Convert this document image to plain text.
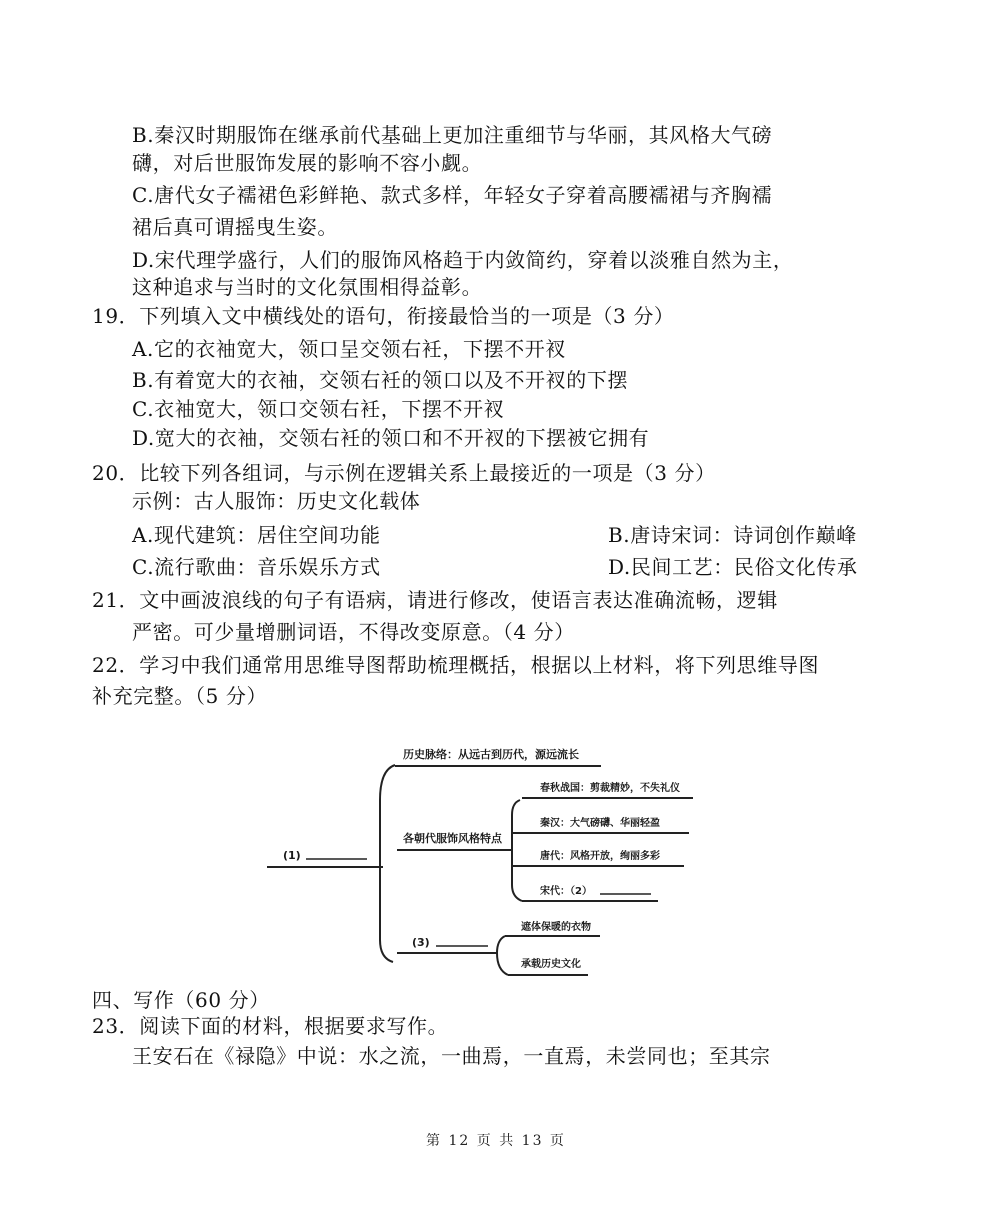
B.秦汉时期服饰在继承前代基础上更加注重细节与华丽，其风格大气磅
礴，对后世服饰发展的影响不容小觑。
C.唐代女子襦裙色彩鲜艳、款式多样，年轻女子穿着高腰襦裙与齐胸襦
裙后真可谓摇曳生姿。
D.宋代理学盛行，人们的服饰风格趋于内敛简约，穿着以淡雅自然为主，
这种追求与当时的文化氛围相得益彰。
19．下列填入文中横线处的语句，衔接最恰当的一项是（3 分）
A.它的衣袖宽大，领口呈交领右衽，下摆不开衩
B.有着宽大的衣袖，交领右衽的领口以及不开衩的下摆
C.衣袖宽大，领口交领右衽，下摆不开衩
D.宽大的衣袖，交领右衽的领口和不开衩的下摆被它拥有
20．比较下列各组词，与示例在逻辑关系上最接近的一项是（3 分）
示例：古人服饰：历史文化载体
A.现代建筑：居住空间功能	B.唐诗宋词：诗词创作巅峰
C.流行歌曲：音乐娱乐方式	D.民间工艺：民俗文化传承
21．文中画波浪线的句子有语病，请进行修改，使语言表达准确流畅，逻辑
严密。可少量增删词语，不得改变原意。（4 分）
22．学习中我们通常用思维导图帮助梳理概括，根据以上材料，将下列思维导图
补充完整。（5 分）
(1)
历史脉络：从远古到历代，源远流长
各朝代服饰风格特点
春秋战国：剪裁精妙，不失礼仪
秦汉：大气磅礴、华丽轻盈
唐代：风格开放，绚丽多彩
宋代：（2）
(3)
遮体保暖的衣物
承载历史文化
四、写作（60 分）
23．阅读下面的材料，根据要求写作。
王安石在《禄隐》中说：水之流，一曲焉，一直焉，未尝同也；至其宗
第 12 页 共 13 页
